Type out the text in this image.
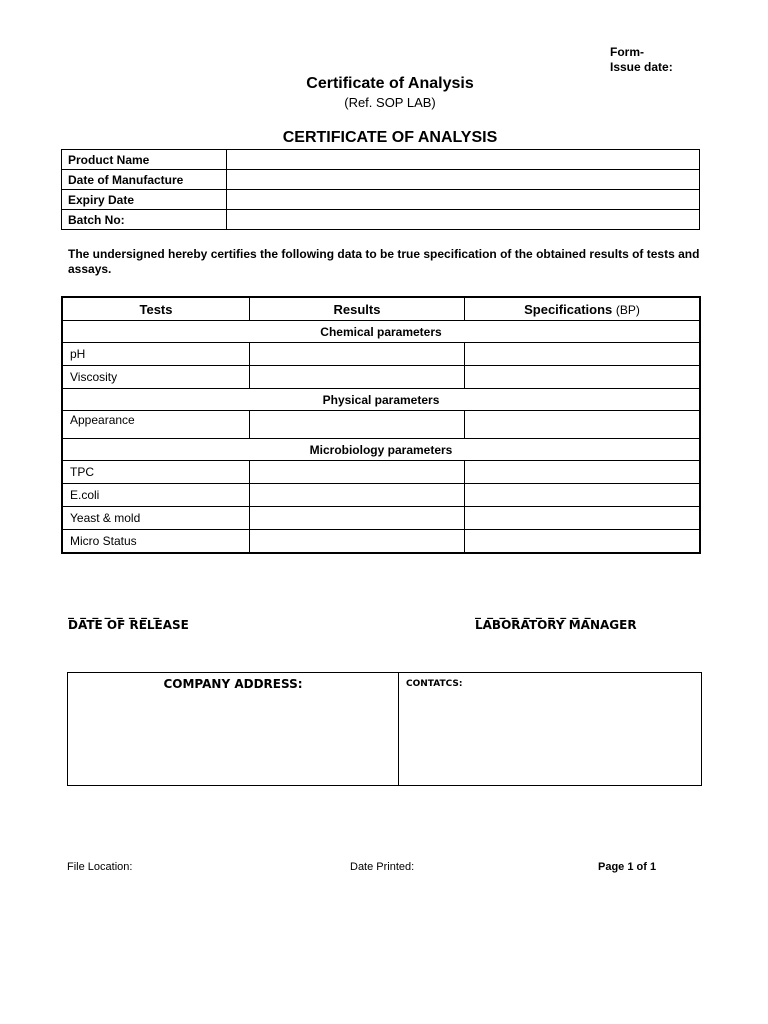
Form-
Issue date:
Certificate of Analysis
(Ref. SOP LAB)
CERTIFICATE OF ANALYSIS
Product Name	
Date of Manufacture	
Expiry Date	
Batch No:	
The undersigned hereby certifies the following data to be true specification of the obtained results of tests and assays.
Tests	Results	Specifications (BP)
Chemical parameters		
pH		
Viscosity		
Physical parameters		
Appearance		
Microbiology parameters		
TPC		
E.coli		
Yeast & mold		
Micro Status		
_ _ _ _ _ _ _ _
DATE OF RELEASE
_ _ _ _ _ _ _ _ _ _
LABORATORY MANAGER
COMPANY ADDRESS:	CONTATCS:
File Location:	Date Printed:	Page 1 of 1
